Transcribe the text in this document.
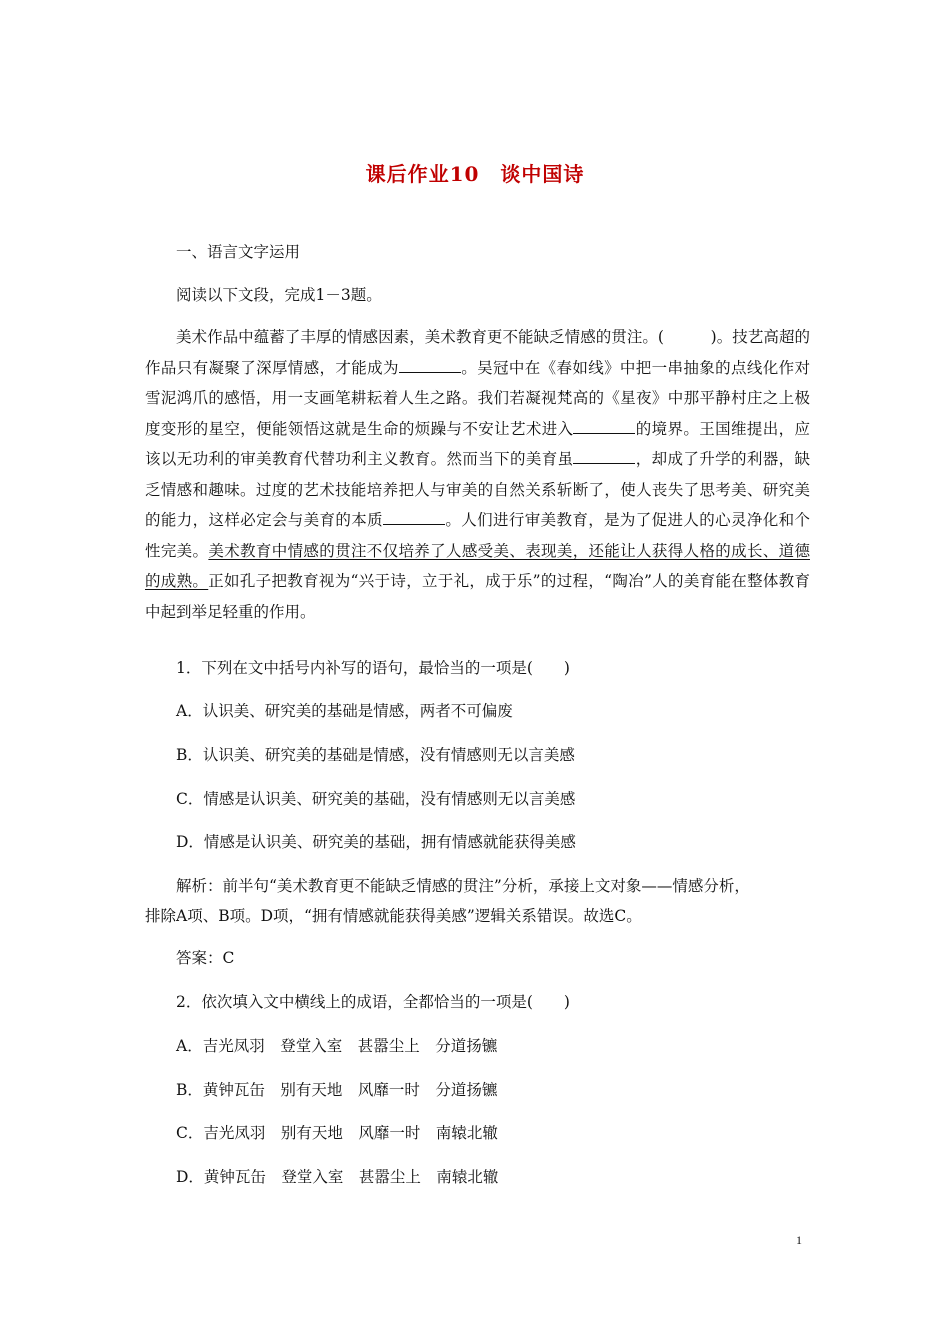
课后作业10　谈中国诗
一、语言文字运用
阅读以下文段，完成1－3题。
美术作品中蕴蓄了丰厚的情感因素，美术教育更不能缺乏情感的贯注。(　　　)。技艺高超的作品只有凝聚了深厚情感，才能成为	。吴冠中在《春如线》中把一串抽象的点线化作对雪泥鸿爪的感悟，用一支画笔耕耘着人生之路。我们若凝视梵高的《星夜》中那平静村庄之上极度变形的星空，便能领悟这就是生命的烦躁与不安让艺术进入	的境界。王国维提出，应该以无功利的审美教育代替功利主义教育。然而当下的美育虽	，却成了升学的利器，缺乏情感和趣味。过度的艺术技能培养把人与审美的自然关系斩断了，使人丧失了思考美、研究美的能力，这样必定会与美育的本质	。人们进行审美教育，是为了促进人的心灵净化和个性完美。美术教育中情感的贯注不仅培养了人感受美、表现美，还能让人获得人格的成长、道德的成熟。正如孔子把教育视为“兴于诗，立于礼，成于乐”的过程，“陶冶”人的美育能在整体教育中起到举足轻重的作用。
1．下列在文中括号内补写的语句，最恰当的一项是(　　)
A．认识美、研究美的基础是情感，两者不可偏废
B．认识美、研究美的基础是情感，没有情感则无以言美感
C．情感是认识美、研究美的基础，没有情感则无以言美感
D．情感是认识美、研究美的基础，拥有情感就能获得美感
解析：前半句“美术教育更不能缺乏情感的贯注”分析，承接上文对象——情感分析，
排除A项、B项。D项，“拥有情感就能获得美感”逻辑关系错误。故选C。
答案：C
2．依次填入文中横线上的成语，全都恰当的一项是(　　)
A．吉光凤羽　登堂入室　甚嚣尘上　分道扬镳
B．黄钟瓦缶　别有天地　风靡一时　分道扬镳
C．吉光凤羽　别有天地　风靡一时　南辕北辙
D．黄钟瓦缶　登堂入室　甚嚣尘上　南辕北辙
1
